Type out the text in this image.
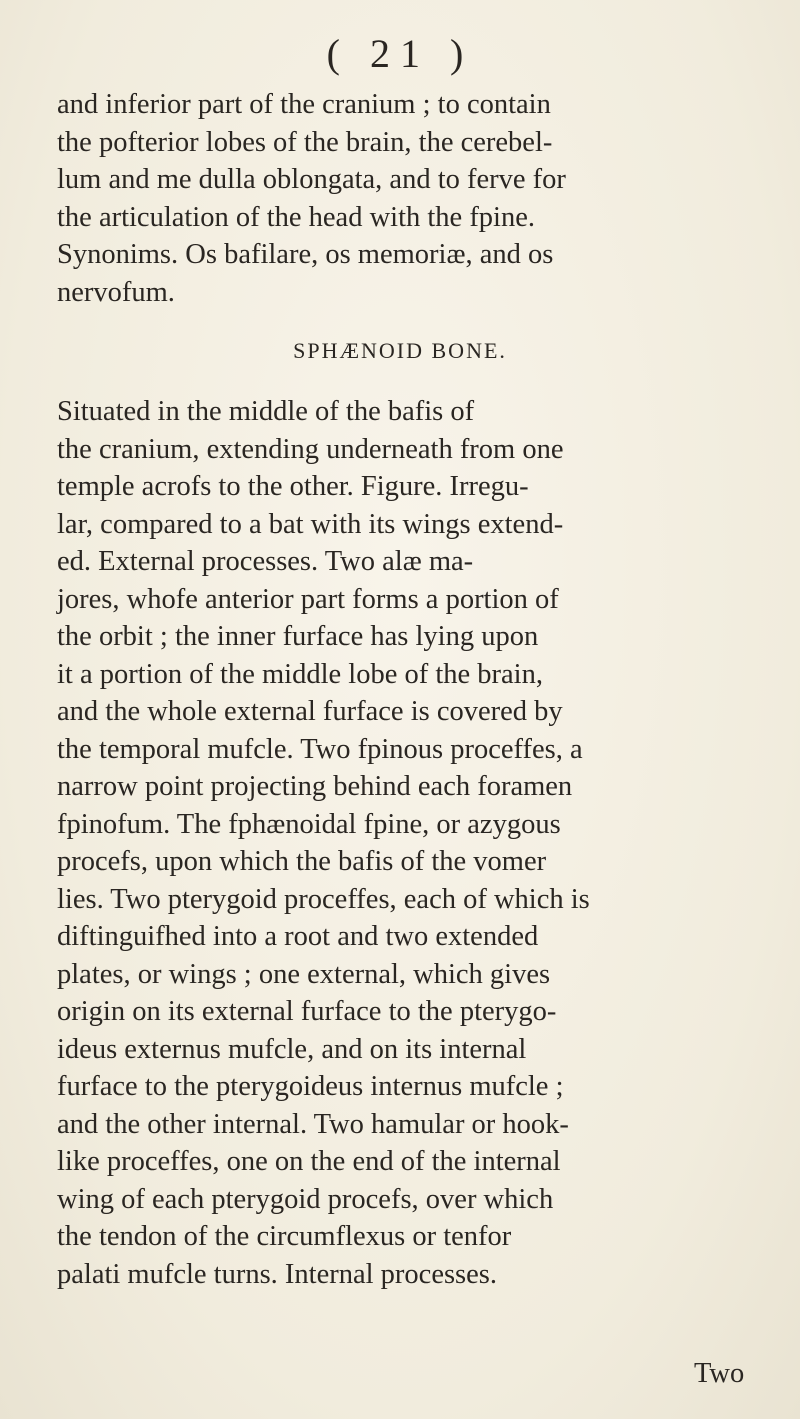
( 21 )
and inferior part of the cranium ; to contain
the pofterior lobes of the brain, the cerebel-
lum and me dulla oblongata, and to ferve for
the articulation of the head with the fpine.
Synonims. Os bafilare, os memoriæ, and os
nervofum.
SPHÆNOID BONE.
Situated in the middle of the bafis of
the cranium, extending underneath from one
temple acrofs to the other. Figure. Irregu-
lar, compared to a bat with its wings extend-
ed. External processes. Two alæ ma-
jores, whofe anterior part forms a portion of
the orbit ; the inner furface has lying upon
it a portion of the middle lobe of the brain,
and the whole external furface is covered by
the temporal mufcle. Two fpinous proceffes, a
narrow point projecting behind each foramen
fpinofum. The fphænoidal fpine, or azygous
procefs, upon which the bafis of the vomer
lies. Two pterygoid proceffes, each of which is
diftinguifhed into a root and two extended
plates, or wings ; one external, which gives
origin on its external furface to the pterygo-
ideus externus mufcle, and on its internal
furface to the pterygoideus internus mufcle ;
and the other internal. Two hamular or hook-
like proceffes, one on the end of the internal
wing of each pterygoid procefs, over which
the tendon of the circumflexus or tenfor
palati mufcle turns. Internal processes.
Two
